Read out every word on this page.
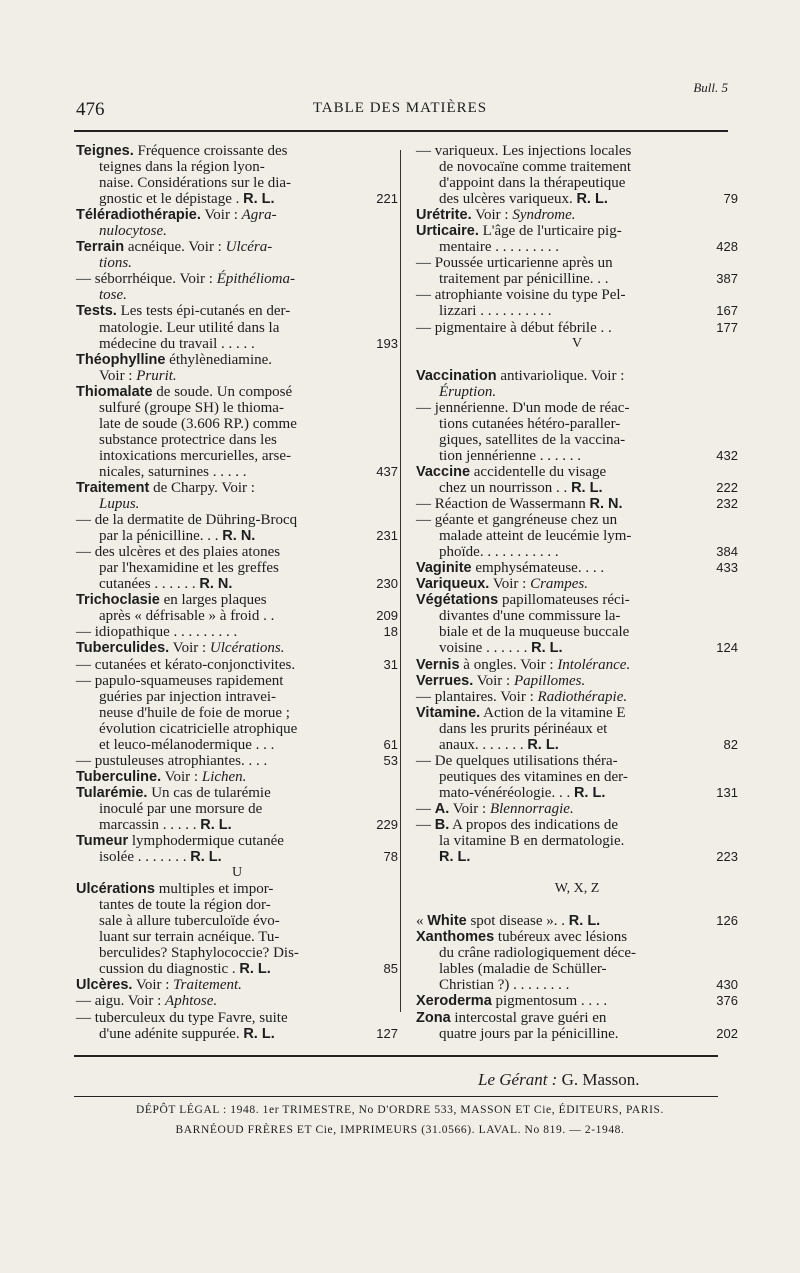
Bull. 5
476	TABLE DES MATIÈRES
Teignes. Fréquence croissante des
teignes dans la région lyon-
naise. Considérations sur le dia-
gnostic et le dépistage . R. L.	221
Téléradiothérapie. Voir : Agra-
nulocytose.
Terrain acnéique. Voir : Ulcéra-
tions.
— séborrhéique. Voir : Épithélioma-
tose.
Tests. Les tests épi-cutanés en der-
matologie. Leur utilité dans la
médecine du travail . . . . .	193
Théophylline éthylènediamine.
Voir : Prurit.
Thiomalate de soude. Un composé
sulfuré (groupe SH) le thioma-
late de soude (3.606 RP.) comme
substance protectrice dans les
intoxications mercurielles, arse-
nicales, saturnines . . . . .	437
Traitement de Charpy. Voir :
Lupus.
— de la dermatite de Dühring-Brocq
par la pénicilline. . . R. N.	231
— des ulcères et des plaies atones
par l'hexamidine et les greffes
cutanées . . . . . . R. N.	230
Trichoclasie en larges plaques
après « défrisable » à froid . .	209
— idiopathique . . . . . . . . .	18
Tuberculides. Voir : Ulcérations.
— cutanées et kérato-conjonctivites.	31
— papulo-squameuses rapidement
guéries par injection intravei-
neuse d'huile de foie de morue ;
évolution cicatricielle atrophique
et leuco-mélanodermique . . .	61
— pustuleuses atrophiantes. . . .	53
Tuberculine. Voir : Lichen.
Tularémie. Un cas de tularémie
inoculé par une morsure de
marcassin . . . . . R. L.	229
Tumeur lymphodermique cutanée
isolée . . . . . . . R. L.	78
U
Ulcérations multiples et impor-
tantes de toute la région dor-
sale à allure tuberculoïde évo-
luant sur terrain acnéique. Tu-
berculides? Staphylococcie? Dis-
cussion du diagnostic . R. L.	85
Ulcères. Voir : Traitement.
— aigu. Voir : Aphtose.
— tuberculeux du type Favre, suite
d'une adénite suppurée. R. L.	127
— variqueux. Les injections locales
de novocaïne comme traitement
d'appoint dans la thérapeutique
des ulcères variqueux. R. L.	79
Urétrite. Voir : Syndrome.
Urticaire. L'âge de l'urticaire pig-
mentaire . . . . . . . . .	428
— Poussée urticarienne après un
traitement par pénicilline. . .	387
— atrophiante voisine du type Pel-
lizzari . . . . . . . . . .	167
— pigmentaire à début fébrile . .	177
V
Vaccination antivariolique. Voir :
Éruption.
— jennérienne. D'un mode de réac-
tions cutanées hétéro-paraller-
giques, satellites de la vaccina-
tion jennérienne . . . . . .	432
Vaccine accidentelle du visage
chez un nourrisson . . R. L.	222
— Réaction de Wassermann R. N.	232
— géante et gangréneuse chez un
malade atteint de leucémie lym-
phoïde. . . . . . . . . . .	384
Vaginite emphysémateuse. . . .	433
Variqueux. Voir : Crampes.
Végétations papillomateuses réci-
divantes d'une commissure la-
biale et de la muqueuse buccale
voisine . . . . . . R. L.	124
Vernis à ongles. Voir : Intolérance.
Verrues. Voir : Papillomes.
— plantaires. Voir : Radiothérapie.
Vitamine. Action de la vitamine E
dans les prurits périnéaux et
anaux. . . . . . . R. L.	82
— De quelques utilisations théra-
peutiques des vitamines en der-
mato-vénéréologie. . . R. L.	131
— A. Voir : Blennorragie.
— B. A propos des indications de
la vitamine B en dermatologie.
R. L.	223
W, X, Z
« White spot disease ». . R. L.	126
Xanthomes tubéreux avec lésions
du crâne radiologiquement déce-
lables (maladie de Schüller-
Christian ?) . . . . . . . .	430
Xeroderma pigmentosum . . . .	376
Zona intercostal grave guéri en
quatre jours par la pénicilline.	202
Le Gérant : G. Masson.
DÉPÔT LÉGAL : 1948. 1er TRIMESTRE, No D'ORDRE 533, MASSON ET Cie, ÉDITEURS, PARIS.
BARNÉOUD FRÈRES ET Cie, IMPRIMEURS (31.0566). LAVAL. No 819. — 2-1948.
